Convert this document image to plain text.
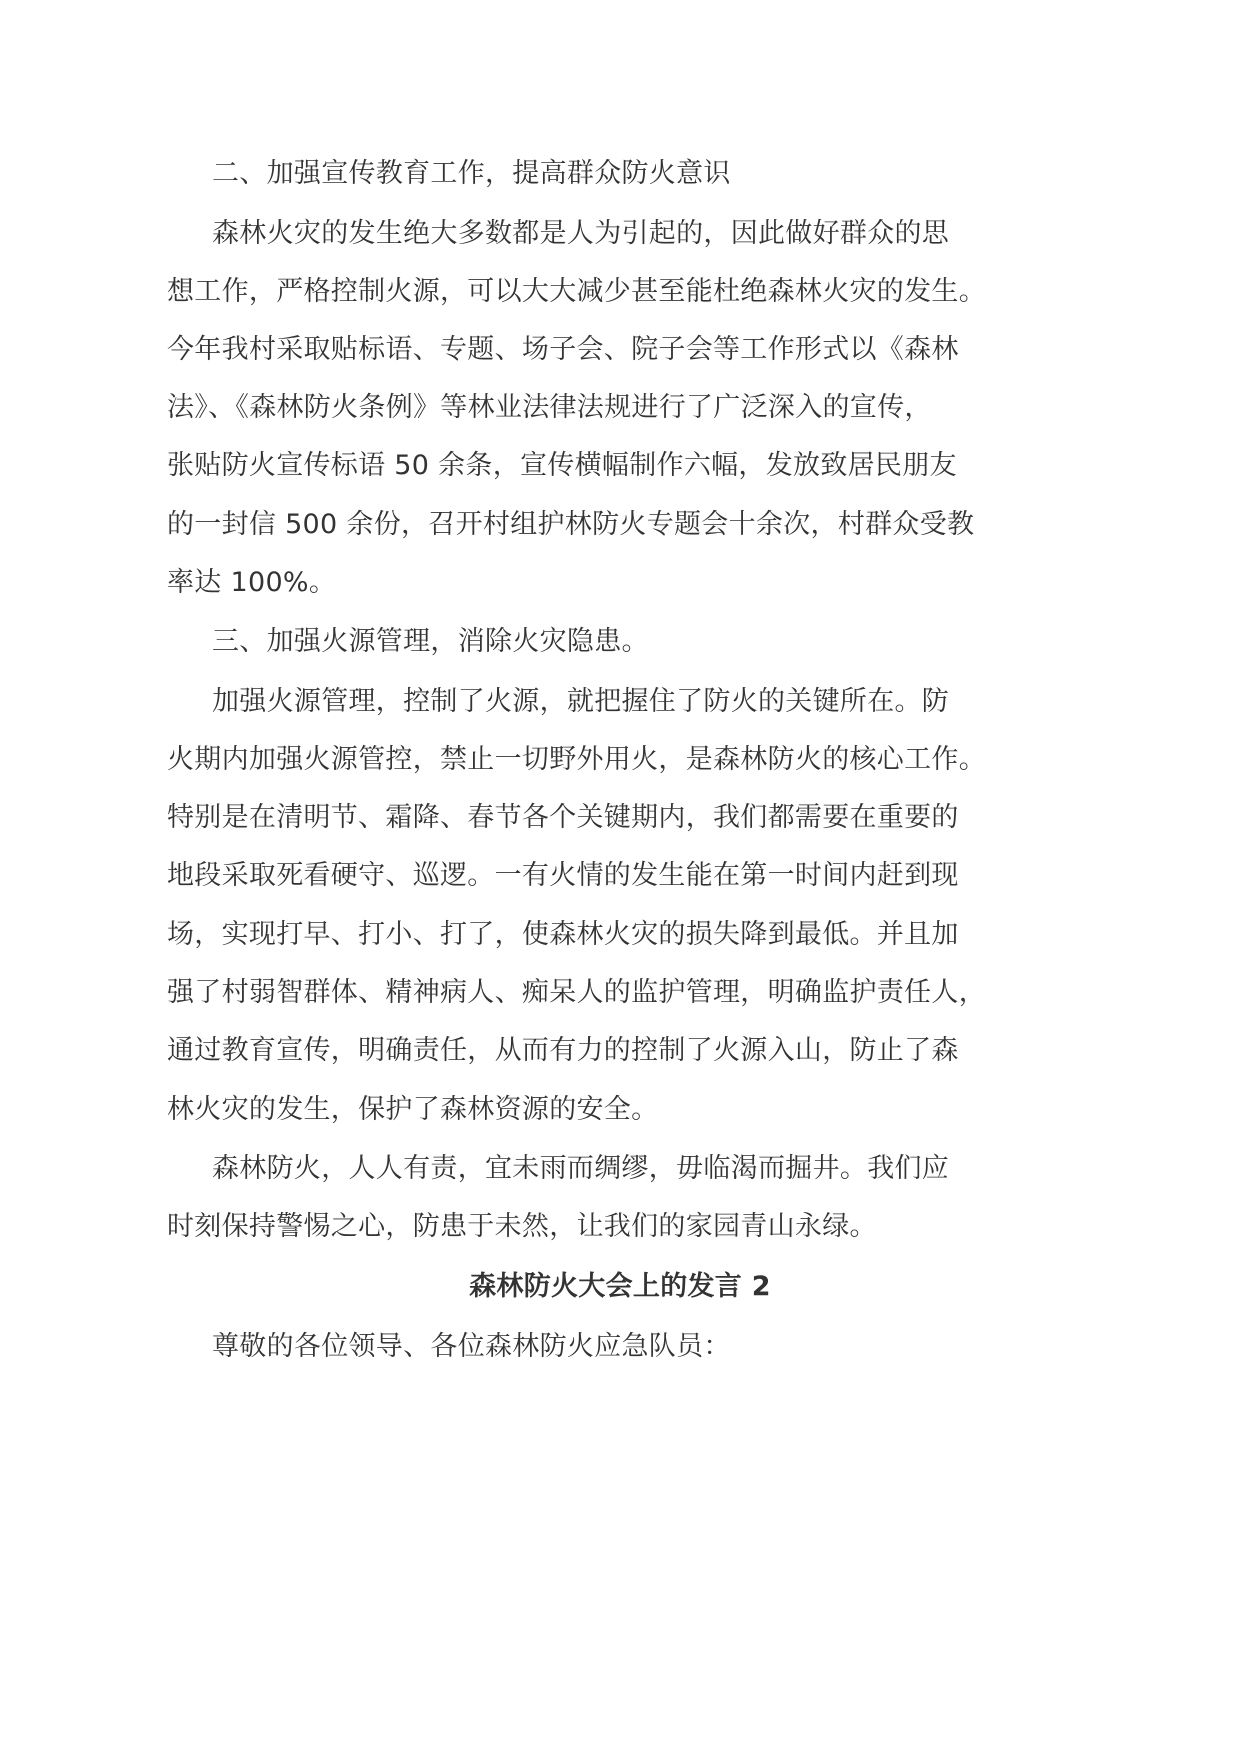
二、加强宣传教育工作，提高群众防火意识
森林火灾的发生绝大多数都是人为引起的，因此做好群众的思
想工作，严格控制火源，可以大大减少甚至能杜绝森林火灾的发生。
今年我村采取贴标语、专题、场子会、院子会等工作形式以《森林
法》、《森林防火条例》等林业法律法规进行了广泛深入的宣传，
张贴防火宣传标语 50 余条，宣传横幅制作六幅，发放致居民朋友
的一封信 500 余份，召开村组护林防火专题会十余次，村群众受教
率达 100%。
三、加强火源管理，消除火灾隐患。
加强火源管理，控制了火源，就把握住了防火的关键所在。防
火期内加强火源管控，禁止一切野外用火，是森林防火的核心工作。
特别是在清明节、霜降、春节各个关键期内，我们都需要在重要的
地段采取死看硬守、巡逻。一有火情的发生能在第一时间内赶到现
场，实现打早、打小、打了，使森林火灾的损失降到最低。并且加
强了村弱智群体、精神病人、痴呆人的监护管理，明确监护责任人，
通过教育宣传，明确责任，从而有力的控制了火源入山，防止了森
林火灾的发生，保护了森林资源的安全。
森林防火，人人有责，宜未雨而绸缪，毋临渴而掘井。我们应
时刻保持警惕之心，防患于未然，让我们的家园青山永绿。
森林防火大会上的发言 2
尊敬的各位领导、各位森林防火应急队员：
